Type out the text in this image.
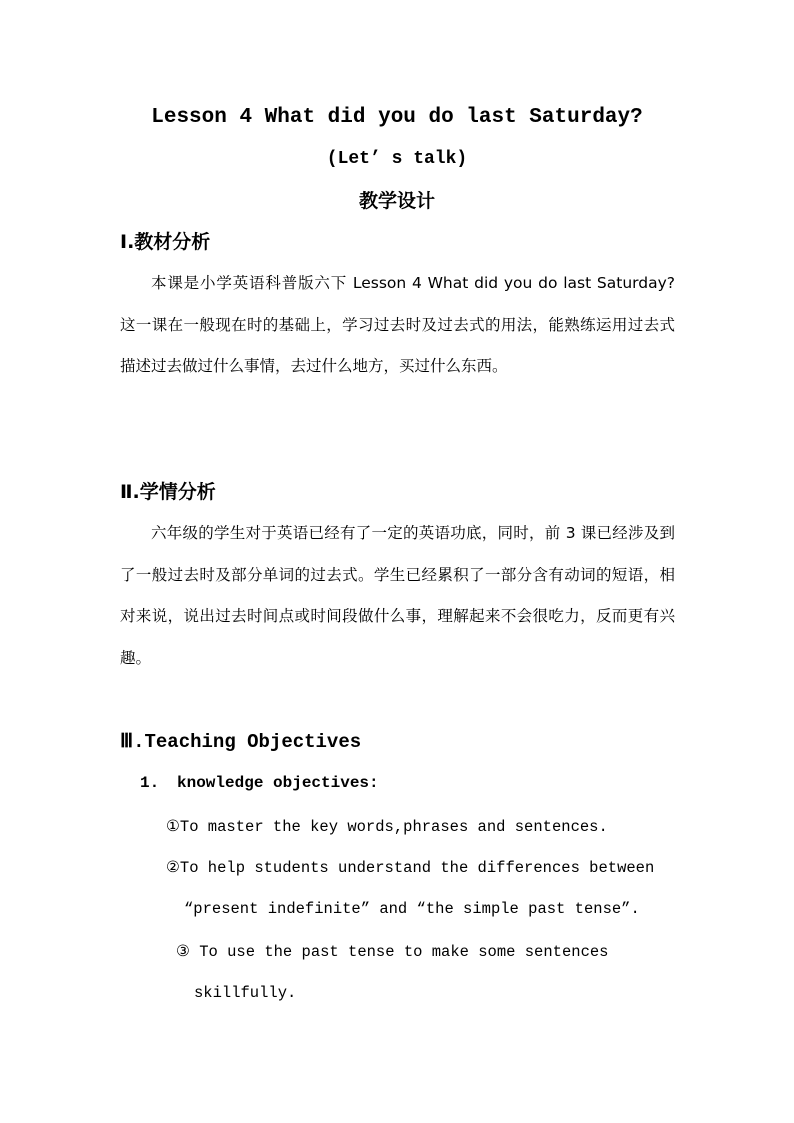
Lesson 4 What did you do last Saturday?
(Let’ s talk)
教学设计
Ⅰ.教材分析

本课是小学英语科普版六下 Lesson 4 What did you do last Saturday? 这一课在一般现在时的基础上，学习过去时及过去式的用法，能熟练运用过去式描述过去做过什么事情，去过什么地方，买过什么东西。

Ⅱ.学情分析

六年级的学生对于英语已经有了一定的英语功底，同时，前 3 课已经涉及到了一般过去时及部分单词的过去式。学生已经累积了一部分含有动词的短语，相对来说，说出过去时间点或时间段做什么事，理解起来不会很吃力，反而更有兴趣。

Ⅲ.Teaching Objectives
1. knowledge objectives:
①To master the key words,phrases and sentences.
②To help students understand the differences between
“present indefinite” and “the simple past tense”.
③ To use the past tense to make some sentences
skillfully.
